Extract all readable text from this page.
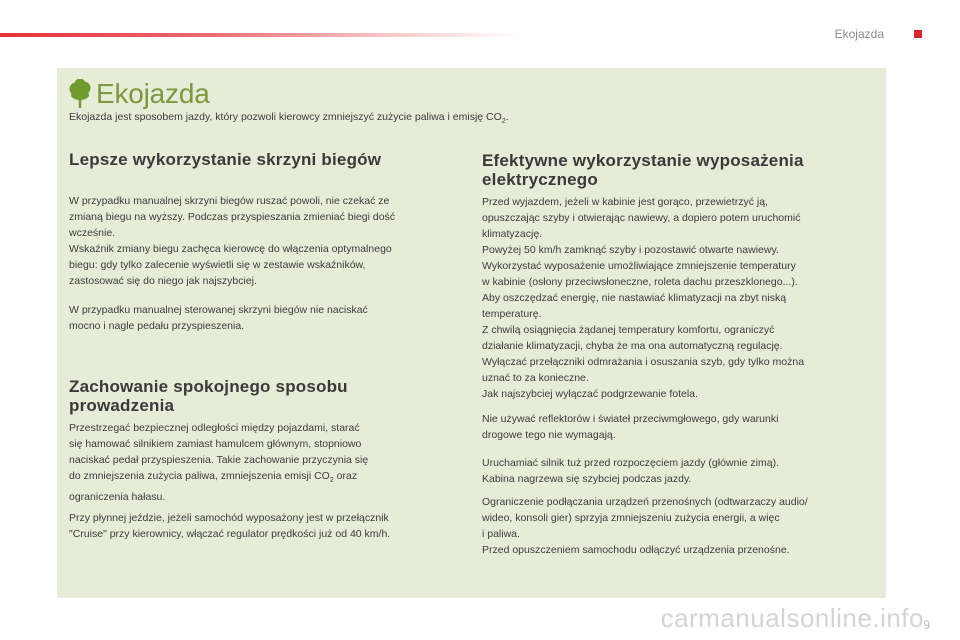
Ekojazda
Ekojazda
Ekojazda jest sposobem jazdy, który pozwoli kierowcy zmniejszyć zużycie paliwa i emisję $CO_2$.
Lepsze wykorzystanie skrzyni biegów
W przypadku manualnej skrzyni biegów ruszać powoli, nie czekać ze
zmianą biegu na wyższy. Podczas przyspieszania zmieniać biegi dość
wcześnie.
Wskaźnik zmiany biegu zachęca kierowcę do włączenia optymalnego
biegu: gdy tylko zalecenie wyświetli się w zestawie wskaźników,
zastosować się do niego jak najszybciej.
W przypadku manualnej sterowanej skrzyni biegów nie naciskać
mocno i nagle pedału przyspieszenia.
Zachowanie spokojnego sposobu
prowadzenia
Przestrzegać bezpiecznej odległości między pojazdami, starać
się hamować silnikiem zamiast hamulcem głównym, stopniowo
naciskać pedał przyspieszenia. Takie zachowanie przyczynia się
do zmniejszenia zużycia paliwa, zmniejszenia emisji $CO_2$ oraz
ograniczenia hałasu.
Przy płynnej jeździe, jeżeli samochód wyposażony jest w przełącznik
"Cruise" przy kierownicy, włączać regulator prędkości już od 40 km/h.
Efektywne wykorzystanie wyposażenia
elektrycznego
Przed wyjazdem, jeżeli w kabinie jest gorąco, przewietrzyć ją,
opuszczając szyby i otwierając nawiewy, a dopiero potem uruchomić
klimatyzację.
Powyżej 50 km/h zamknąć szyby i pozostawić otwarte nawiewy.
Wykorzystać wyposażenie umożliwiające zmniejszenie temperatury
w kabinie (osłony przeciwsłoneczne, roleta dachu przeszklonego...).
Aby oszczędzać energię, nie nastawiać klimatyzacji na zbyt niską
temperaturę.
Z chwilą osiągnięcia żądanej temperatury komfortu, ograniczyć
działanie klimatyzacji, chyba że ma ona automatyczną regulację.
Wyłączać przełączniki odmrażania i osuszania szyb, gdy tylko można
uznać to za konieczne.
Jak najszybciej wyłączać podgrzewanie fotela.
Nie używać reflektorów i świateł przeciwmgłowego, gdy warunki
drogowe tego nie wymagają.
Uruchamiać silnik tuż przed rozpoczęciem jazdy (głównie zimą).
Kabina nagrzewa się szybciej podczas jazdy.
Ograniczenie podłączania urządzeń przenośnych (odtwarzaczy audio/
wideo, konsoli gier) sprzyja zmniejszeniu zużycia energii, a więc
i paliwa.
Przed opuszczeniem samochodu odłączyć urządzenia przenośne.
carmanualsonline.info 9
